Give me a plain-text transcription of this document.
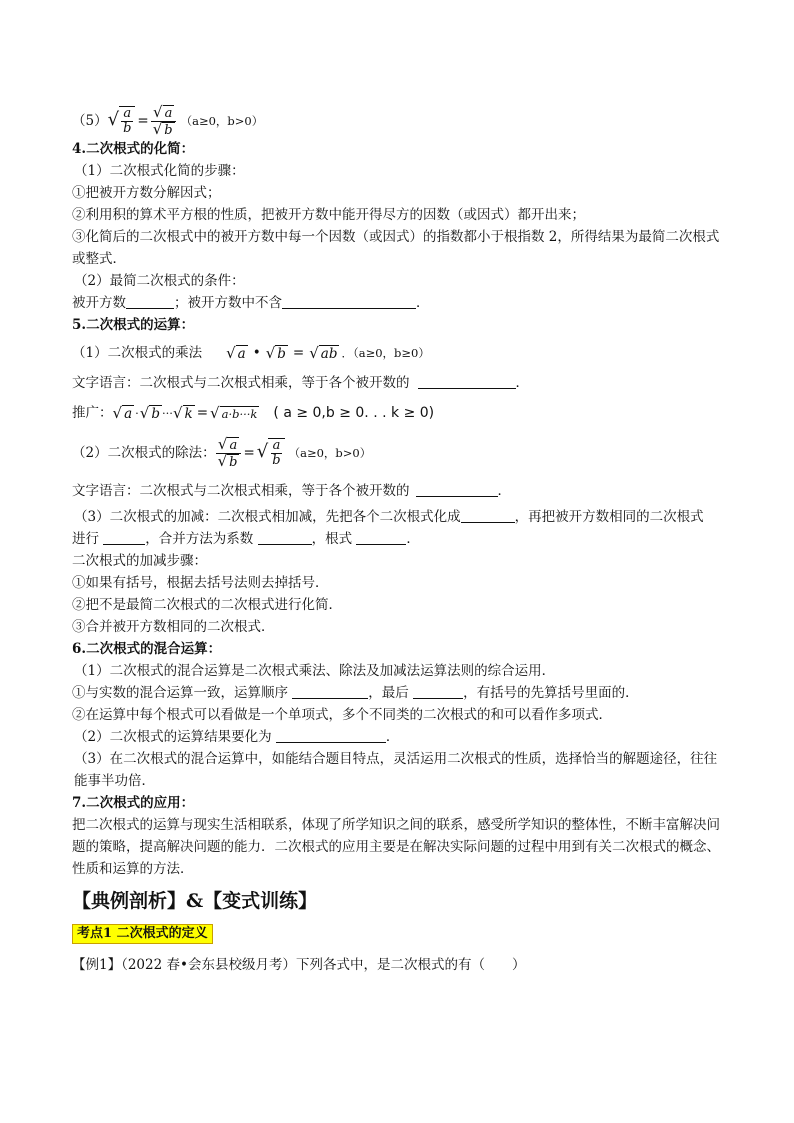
（5） √ $\frac{a}{b} = \frac{√ a}{√ b} (a\ge 0$，b>0）
4.二次根式的化简：
（1）二次根式化简的步骤：
①把被开方数分解因式；
②利用积的算术平方根的性质，把被开方数中能开得尽方的因数（或因式）都开出来；
③化简后的二次根式中的被开方数中每一个因数（或因式）的指数都小于根指数 2，所得结果为最简二次根式或整式．
（2）最简二次根式的条件：
被开方数	；被开方数中不含	．
5.二次根式的运算：
（1）二次根式的乘法 √ a • √ b = √ ab ．（a≥0，b≥0）
文字语言：二次根式与二次根式相乘，等于各个被开数的	．
推广： √ a · √ b ··· √ k = √ a·b···k ( a ≥ 0,b ≥ 0. . . k ≥ 0)
（2）二次根式的除法： $\frac{√ a}{√ b}$ = √ $\frac{a}{b} (a\ge 0$，b>0）
文字语言：二次根式与二次根式相乘，等于各个被开数的	．
（3）二次根式的加减：二次根式相加减，先把各个二次根式化成	，再把被开方数相同的二次根式
进行	，合并方法为系数	，根式	．
二次根式的加减步骤：
①如果有括号，根据去括号法则去掉括号．
②把不是最简二次根式的二次根式进行化简．
③合并被开方数相同的二次根式．
6.二次根式的混合运算：
（1）二次根式的混合运算是二次根式乘法、除法及加减法运算法则的综合运用．
①与实数的混合运算一致，运算顺序	，最后	，有括号的先算括号里面的．
②在运算中每个根式可以看做是一个单项式，多个不同类的二次根式的和可以看作多项式．
（2）二次根式的运算结果要化为	．
（3）在二次根式的混合运算中，如能结合题目特点，灵活运用二次根式的性质，选择恰当的解题途径，往往能事半功倍．
7.二次根式的应用：
把二次根式的运算与现实生活相联系，体现了所学知识之间的联系，感受所学知识的整体性，不断丰富解决问题的策略，提高解决问题的能力．二次根式的应用主要是在解决实际问题的过程中用到有关二次根式的概念、性质和运算的方法．
【典例剖析】&【变式训练】
考点1 二次根式的定义
【例1】（2022 春•会东县校级月考）下列各式中，是二次根式的有（　　）
